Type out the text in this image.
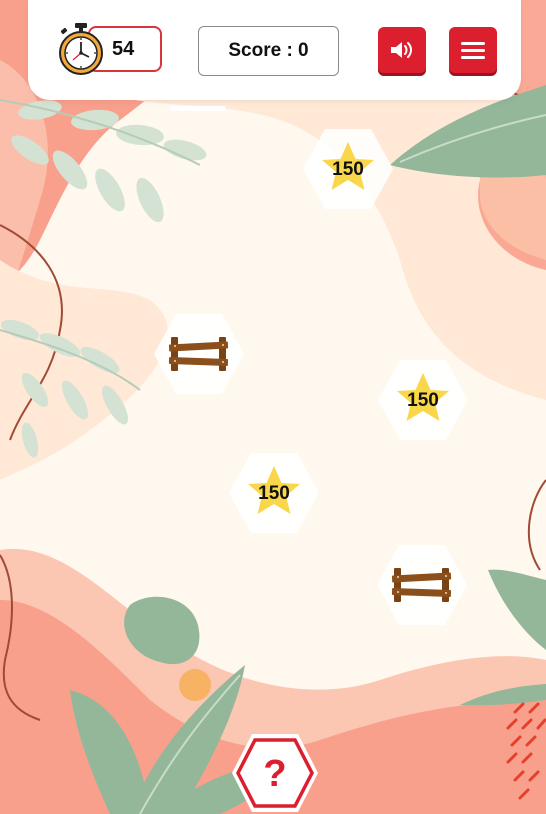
54	Score : 0
150
150
150
?
